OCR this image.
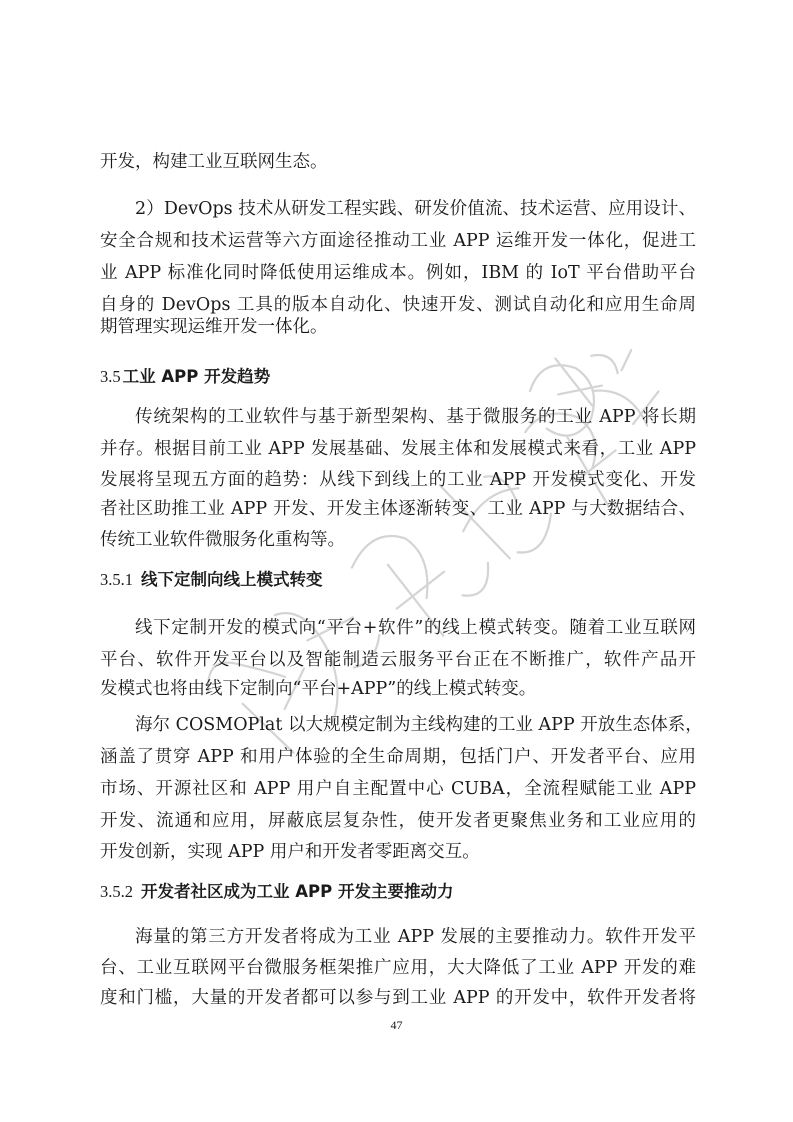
开发，构建工业互联网生态。
2）DevOps 技术从研发工程实践、研发价值流、技术运营、应用设计、
安全合规和技术运营等六方面途径推动工业 APP 运维开发一体化，促进工
业 APP 标准化同时降低使用运维成本。例如，IBM 的 IoT 平台借助平台
自身的 DevOps 工具的版本自动化、快速开发、测试自动化和应用生命周
期管理实现运维开发一体化。
3.5 工业 APP 开发趋势
传统架构的工业软件与基于新型架构、基于微服务的工业 APP 将长期
并存。根据目前工业 APP 发展基础、发展主体和发展模式来看，工业 APP
发展将呈现五方面的趋势：从线下到线上的工业 APP 开发模式变化、开发
者社区助推工业 APP 开发、开发主体逐渐转变、工业 APP 与大数据结合、
传统工业软件微服务化重构等。
3.5.1 线下定制向线上模式转变
线下定制开发的模式向“平台+软件”的线上模式转变。随着工业互联网
平台、软件开发平台以及智能制造云服务平台正在不断推广，软件产品开
发模式也将由线下定制向“平台+APP”的线上模式转变。
海尔 COSMOPlat 以大规模定制为主线构建的工业 APP 开放生态体系，
涵盖了贯穿 APP 和用户体验的全生命周期，包括门户、开发者平台、应用
市场、开源社区和 APP 用户自主配置中心 CUBA，全流程赋能工业 APP
开发、流通和应用，屏蔽底层复杂性，使开发者更聚焦业务和工业应用的
开发创新，实现 APP 用户和开发者零距离交互。
3.5.2 开发者社区成为工业 APP 开发主要推动力
海量的第三方开发者将成为工业 APP 发展的主要推动力。软件开发平
台、工业互联网平台微服务框架推广应用，大大降低了工业 APP 开发的难
度和门槛，大量的开发者都可以参与到工业 APP 的开发中，软件开发者将
47
